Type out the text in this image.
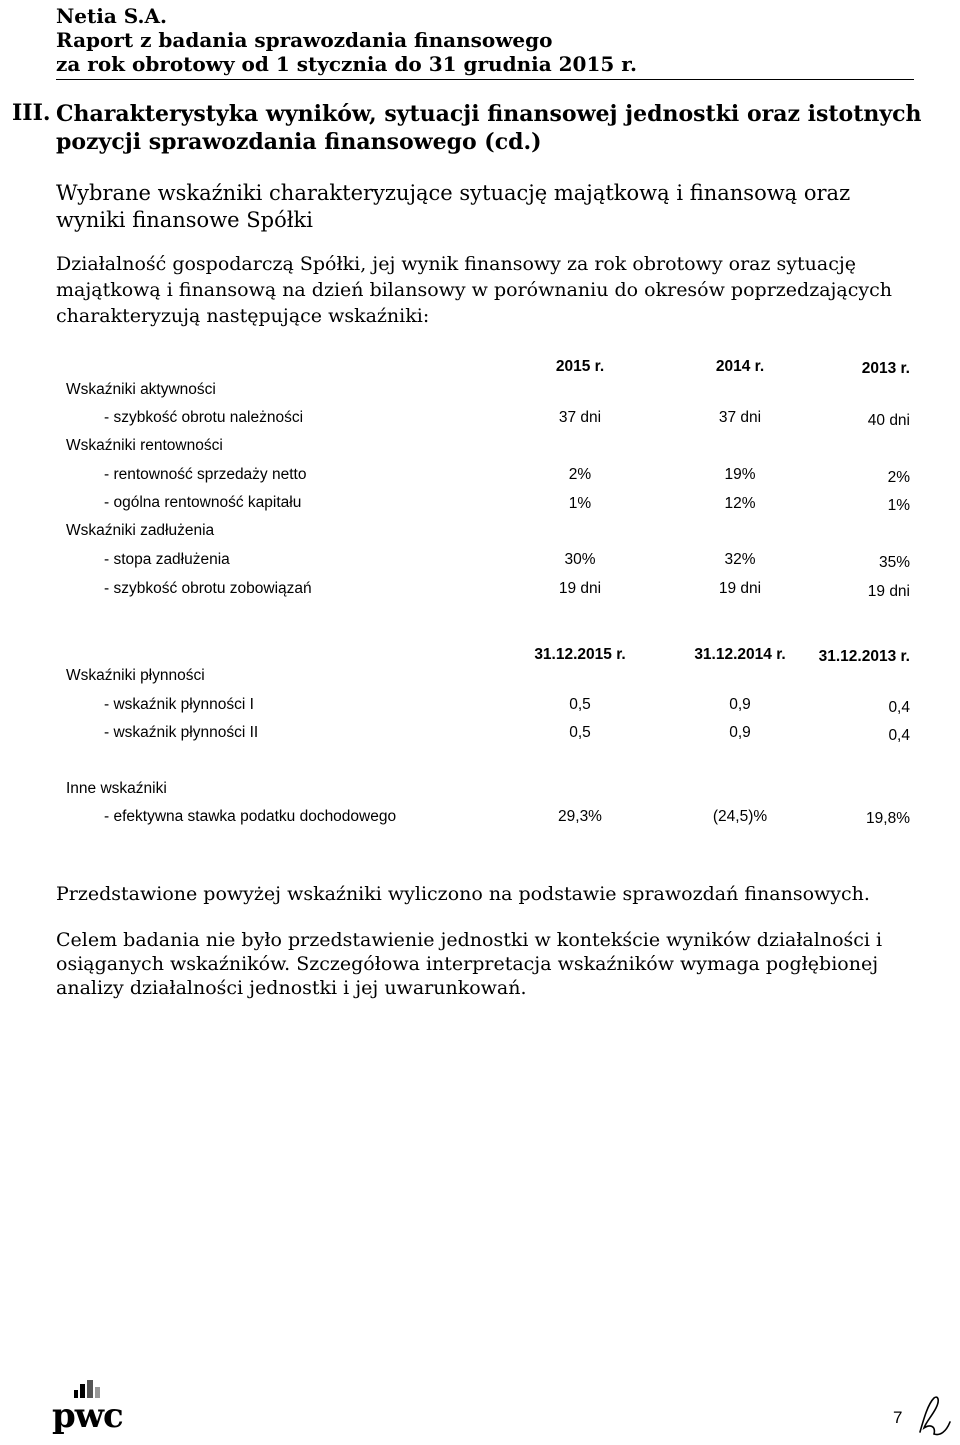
Netia S.A.
Raport z badania sprawozdania finansowego
za rok obrotowy od 1 stycznia do 31 grudnia 2015 r.
III. Charakterystyka wyników, sytuacji finansowej jednostki oraz istotnych pozycji sprawozdania finansowego (cd.)
Wybrane wskaźniki charakteryzujące sytuację majątkową i finansową oraz wyniki finansowe Spółki
Działalność gospodarczą Spółki, jej wynik finansowy za rok obrotowy oraz sytuację majątkową i finansową na dzień bilansowy w porównaniu do okresów poprzedzających charakteryzują następujące wskaźniki:
2015 r.	2014 r.	2013 r.
Wskaźniki aktywności
- szybkość obrotu należności	37 dni	37 dni	40 dni
Wskaźniki rentowności
- rentowność sprzedaży netto	2%	19%	2%
- ogólna rentowność kapitału	1%	12%	1%
Wskaźniki zadłużenia
- stopa zadłużenia	30%	32%	35%
- szybkość obrotu zobowiązań	19 dni	19 dni	19 dni
31.12.2015 r.	31.12.2014 r.	31.12.2013 r.
Wskaźniki płynności
- wskaźnik płynności I	0,5	0,9	0,4
- wskaźnik płynności II	0,5	0,9	0,4
Inne wskaźniki
- efektywna stawka podatku dochodowego	29,3%	(24,5)%	19,8%
Przedstawione powyżej wskaźniki wyliczono na podstawie sprawozdań finansowych.
Celem badania nie było przedstawienie jednostki w kontekście wyników działalności i osiąganych wskaźników. Szczegółowa interpretacja wskaźników wymaga pogłębionej analizy działalności jednostki i jej uwarunkowań.
pwc	7
